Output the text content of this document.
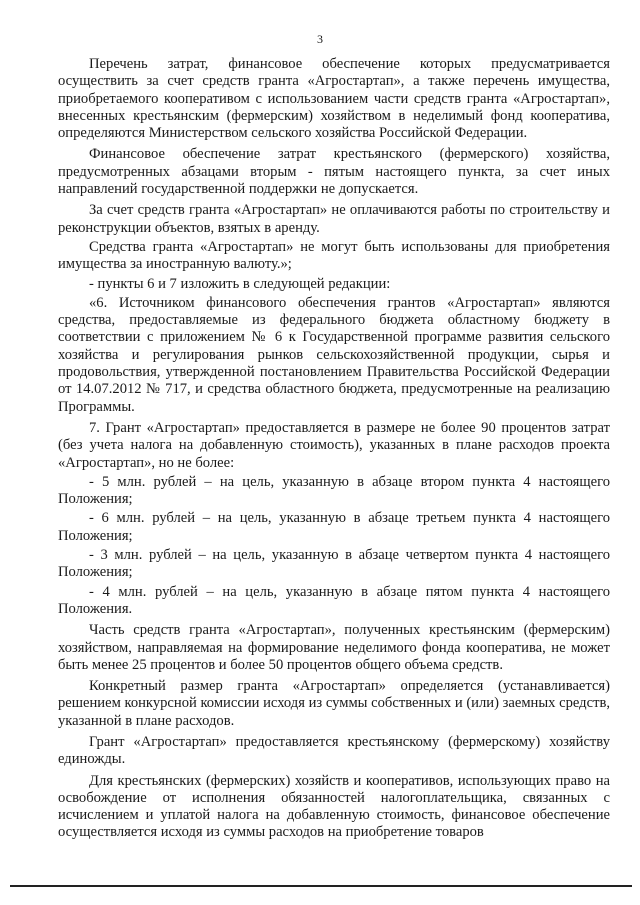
3

Перечень затрат, финансовое обеспечение которых предусматривается осуществить за счет средств гранта «Агростартап», а также перечень имущества, приобретаемого кооперативом с использованием части средств гранта «Агростартап», внесенных крестьянским (фермерским) хозяйством в неделимый фонд кооператива, определяются Министерством сельского хозяйства Российской Федерации.

Финансовое обеспечение затрат крестьянского (фермерского) хозяйства, предусмотренных абзацами вторым - пятым настоящего пункта, за счет иных направлений государственной поддержки не допускается.

За счет средств гранта «Агростартап» не оплачиваются работы по строительству и реконструкции объектов, взятых в аренду.

Средства гранта «Агростартап» не могут быть использованы для приобретения имущества за иностранную валюту.»;

- пункты 6 и 7 изложить в следующей редакции:

«6. Источником финансового обеспечения грантов «Агростартап» являются средства, предоставляемые из федерального бюджета областному бюджету в соответствии с приложением № 6 к Государственной программе развития сельского хозяйства и регулирования рынков сельскохозяйственной продукции, сырья и продовольствия, утвержденной постановлением Правительства Российской Федерации от 14.07.2012 № 717, и средства областного бюджета, предусмотренные на реализацию Программы.

7. Грант «Агростартап» предоставляется в размере не более 90 процентов затрат (без учета налога на добавленную стоимость), указанных в плане расходов проекта «Агростартап», но не более:

- 5 млн. рублей – на цель, указанную в абзаце втором пункта 4 настоящего Положения;

- 6 млн. рублей – на цель, указанную в абзаце третьем пункта 4 настоящего Положения;

- 3 млн. рублей – на цель, указанную в абзаце четвертом пункта 4 настоящего Положения;

- 4 млн. рублей – на цель, указанную в абзаце пятом пункта 4 настоящего Положения.

Часть средств гранта «Агростартап», полученных крестьянским (фермерским) хозяйством, направляемая на формирование неделимого фонда кооператива, не может быть менее 25 процентов и более 50 процентов общего объема средств.

Конкретный размер гранта «Агростартап» определяется (устанавливается) решением конкурсной комиссии исходя из суммы собственных и (или) заемных средств, указанной в плане расходов.

Грант «Агростартап» предоставляется крестьянскому (фермерскому) хозяйству единожды.

Для крестьянских (фермерских) хозяйств и кооперативов, использующих право на освобождение от исполнения обязанностей налогоплательщика, связанных с исчислением и уплатой налога на добавленную стоимость, финансовое обеспечение осуществляется исходя из суммы расходов на приобретение товаров
